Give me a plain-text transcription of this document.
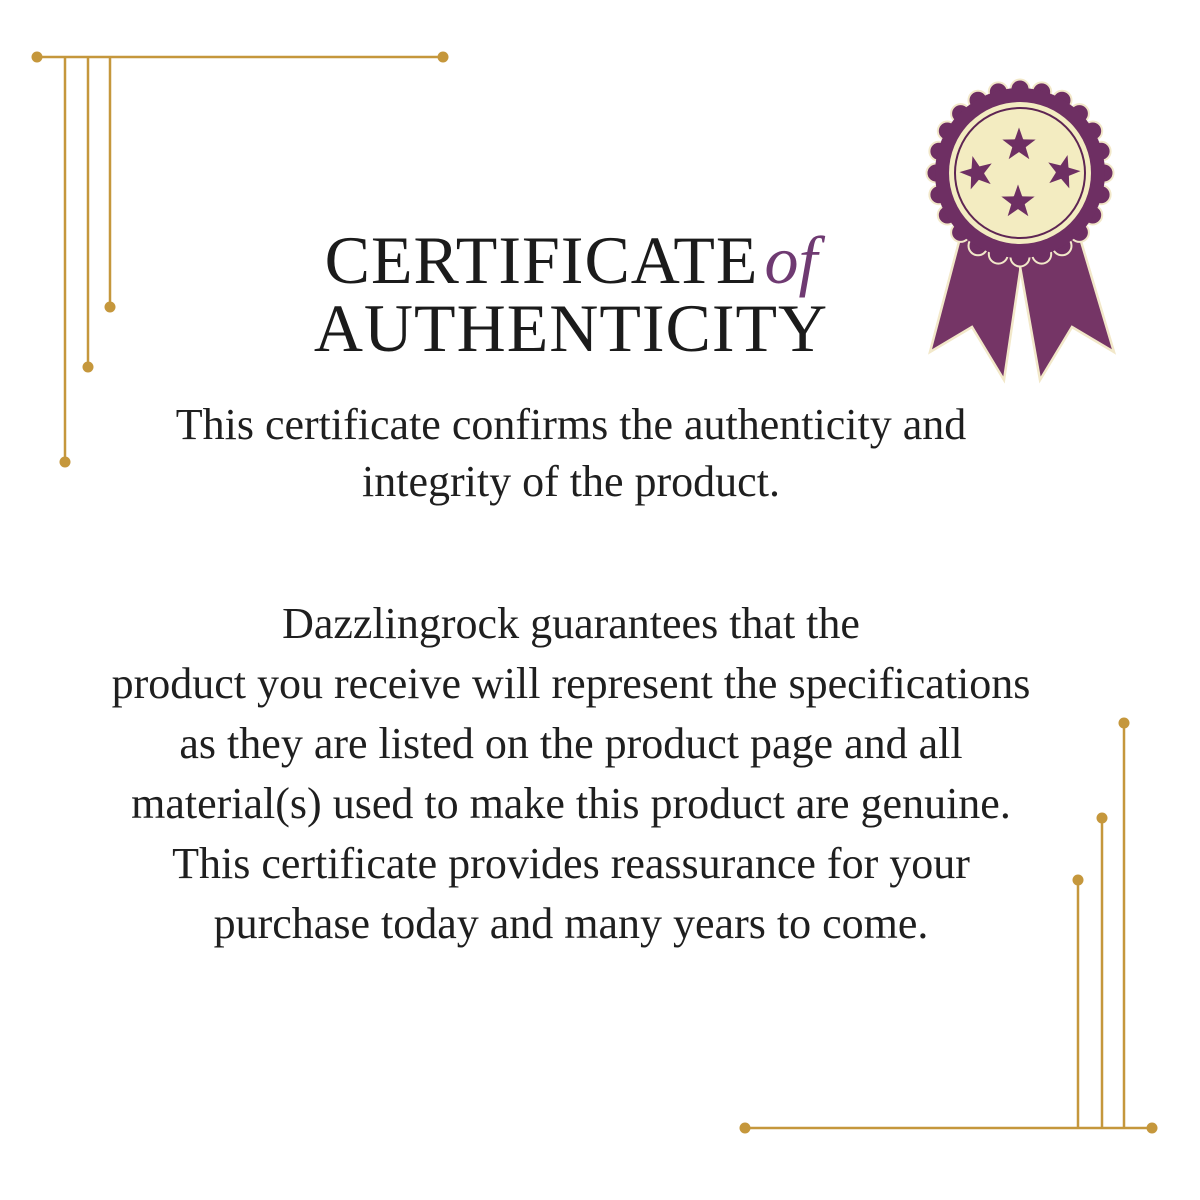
CERTIFICATEof
AUTHENTICITY
This certificate confirms the authenticity and
integrity of the product.
Dazzlingrock guarantees that the
product you receive will represent the specifications
as they are listed on the product page and all
material(s) used to make this product are genuine.
This certificate provides reassurance for your
purchase today and many years to come.
